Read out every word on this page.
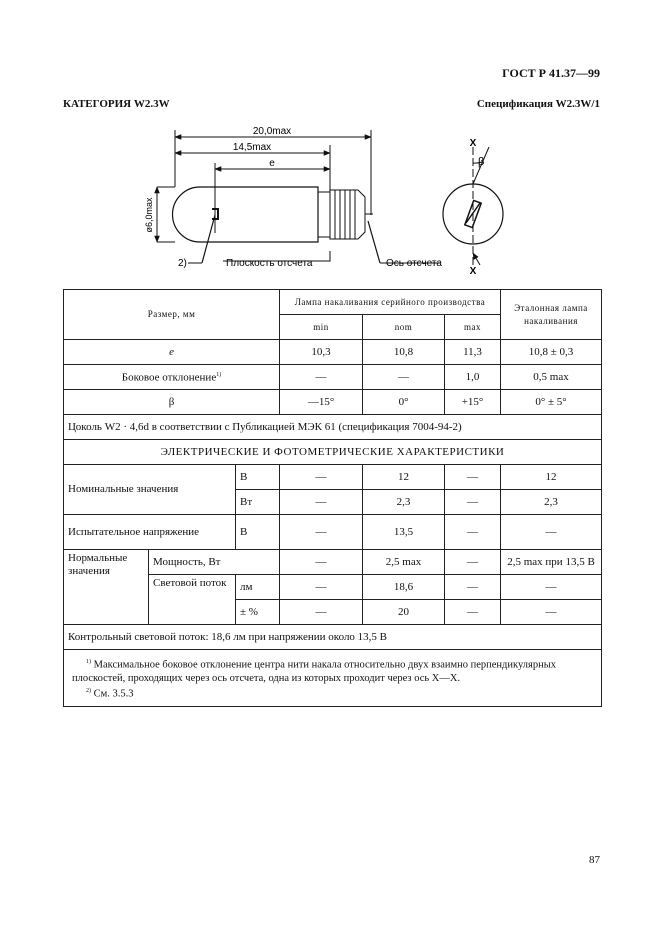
ГОСТ Р 41.37—99
КАТЕГОРИЯ W2.3W	Спецификация W2.3W/1
20,0max
14,5max
e
ø6,0max
2)	Плоскость отсчета	Ось отсчета
β
X
X
Размер, мм			Лампа накаливания серийного производства			Эталонная лампа накаливания
			min	nom	max	
e			10,3	10,8	11,3	10,8 ± 0,3
Боковое отклонение$^{1)}$			—	—	1,0	0,5 max
β			—15°	0°	+15°	0° ± 5°
Цоколь W2 · 4,6d в соответствии с Публикацией МЭК 61 (спецификация 7004-94-2)						
ЭЛЕКТРИЧЕСКИЕ И ФОТОМЕТРИЧЕСКИЕ ХАРАКТЕРИСТИКИ						
Номинальные значения		В	—	12	—	12
		Вт	—	2,3	—	2,3
Испытательное напряжение		В	—	13,5	—	—
Нормальные значения	Мощность, Вт		—	2,5 max	—	2,5 max при 13,5 В
	Световой поток	лм	—	18,6	—	—
		± %	—	20	—	—
Контрольный световой поток: 18,6 лм при напряжении около 13,5 В						

$^{1)}$ Максимальное боковое отклонение центра нити накала относительно двух взаимно перпендикулярных плоскостей, проходящих через ось отсчета, одна из которых проходит через ось X—X.
$^{2)}$ См. 3.5.3						
87
